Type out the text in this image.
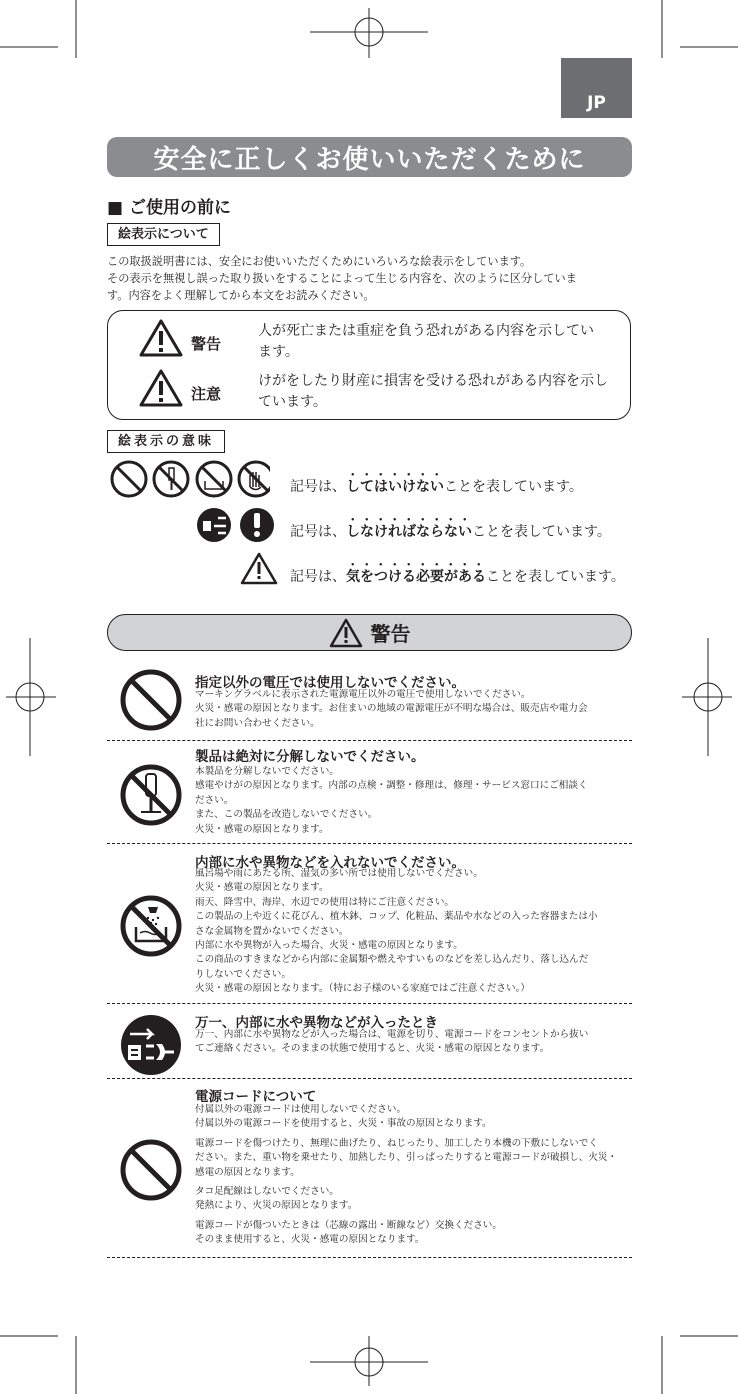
JP
安全に正しくお使いいただくために
■ ご使用の前に
絵表示について
この取扱説明書には、安全にお使いいただくためにいろいろな絵表示をしています。
その表示を無視し誤った取り扱いをすることによって生じる内容を、次のように区分していま
す。内容をよく理解してから本文をお読みください。
警告
人が死亡または重症を負う恐れがある内容を示してい
ます。
注意
けがをしたり財産に損害を受ける恐れがある内容を示し
ています。
絵表示の意味
記号は、してはいけないことを表しています。
記号は、しなければならないことを表しています。
記号は、気をつける必要があることを表しています。
警告
指定以外の電圧では使用しないでください。

マーキングラベルに表示された電源電圧以外の電圧で使用しないでください。

火災・感電の原因となります。お住まいの地域の電源電圧が不明な場合は、販売店や電力会

社にお問い合わせください。

製品は絶対に分解しないでください。

本製品を分解しないでください。

感電やけがの原因となります。内部の点検・調整・修理は、修理・サービス窓口にご相談く

ださい。

また、この製品を改造しないでください。

火災・感電の原因となります。

内部に水や異物などを入れないでください。

風呂場や雨にあたる所、湿気の多い所では使用しないでください。

火災・感電の原因となります。

雨天、降雪中、海岸、水辺での使用は特にご注意ください。

この製品の上や近くに花びん、植木鉢、コップ、化粧品、薬品や水などの入った容器または小

さな金属物を置かないでください。

内部に水や異物が入った場合、火災・感電の原因となります。

この商品のすきまなどから内部に金属類や燃えやすいものなどを差し込んだり、落し込んだ

りしないでください。

火災・感電の原因となります。（特にお子様のいる家庭ではご注意ください。）

万一、内部に水や異物などが入ったとき

万一、内部に水や異物などが入った場合は、電源を切り、電源コードをコンセントから抜い

てご連絡ください。そのままの状態で使用すると、火災・感電の原因となります。

電源コードについて

付属以外の電源コードは使用しないでください。

付属以外の電源コードを使用すると、火災・事故の原因となります。

電源コードを傷つけたり、無理に曲げたり、ねじったり、加工したり本機の下敷にしないでく

ださい。また、重い物を乗せたり、加熱したり、引っぱったりすると電源コードが破損し、火災・

感電の原因となります。

タコ足配線はしないでください。

発熱により、火災の原因となります。

電源コードが傷ついたときは（芯線の露出・断線など）交換ください。

そのまま使用すると、火災・感電の原因となります。
